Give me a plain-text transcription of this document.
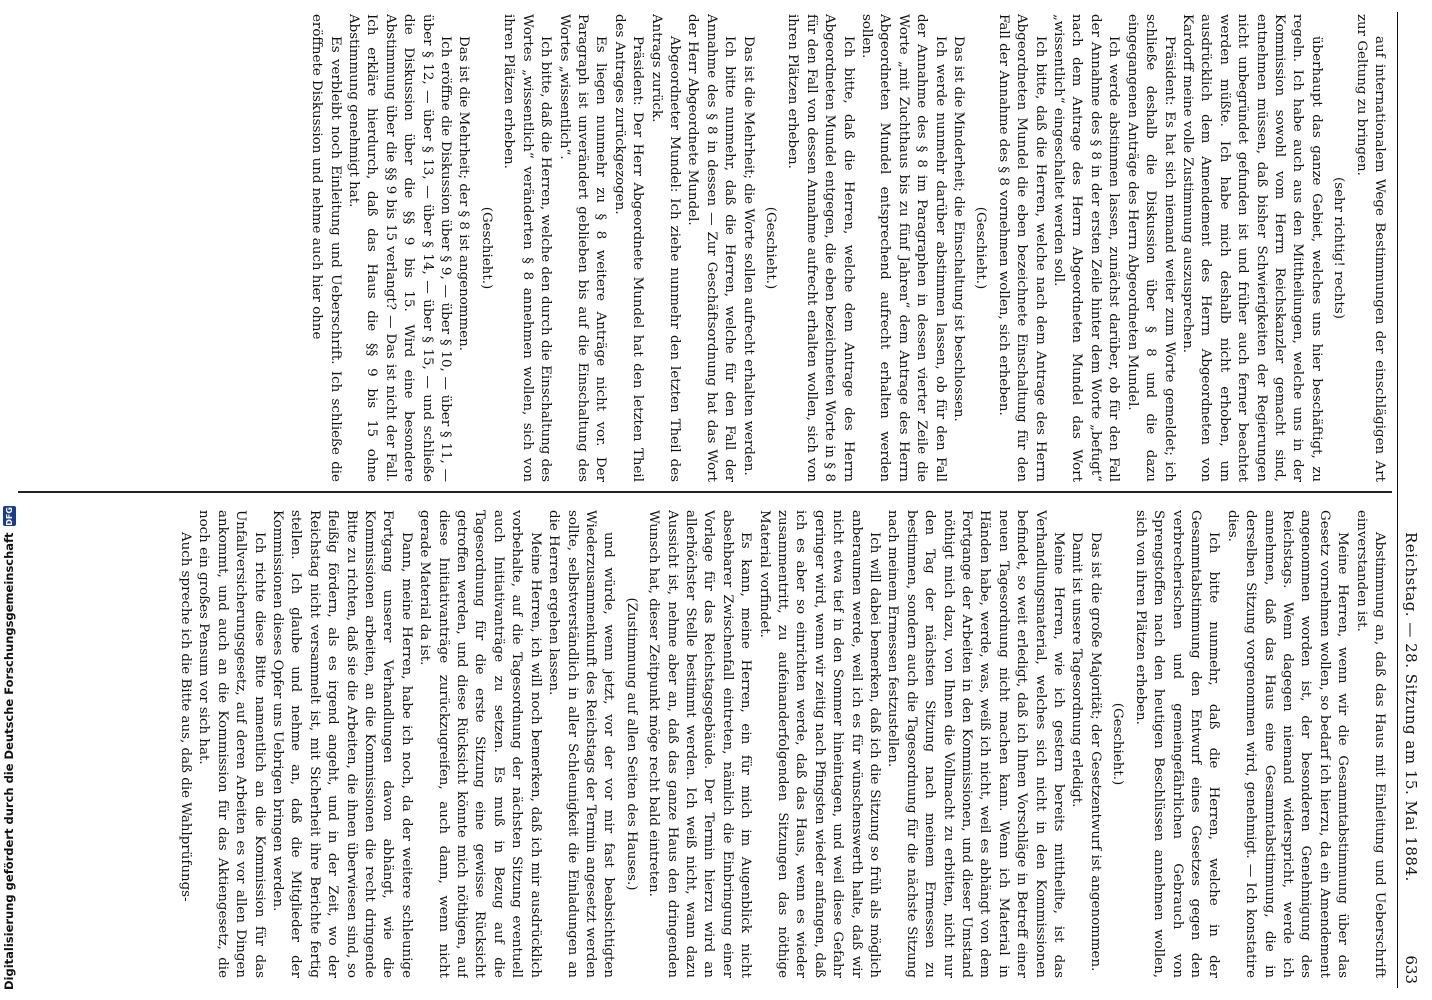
Reichstag. — 28. Sitzung am 15. Mai 1884.
633

auf internationalem Wege Bestimmungen der einschlägigen Art zur Geltung zu bringen.

(sehr richtig! rechts)

überhaupt das ganze Gebiet, welches uns hier beschäftigt, zu regeln. Ich habe auch aus den Mittheilungen, welche uns in der Kommission sowohl vom Herrn Reichskanzler gemacht sind, entnehmen müssen, daß bisher Schwierigkeiten der Regierungen nicht unbegründet gefunden ist und früher auch ferner beachtet werden müßte. Ich habe mich deshalb nicht erhoben, um ausdrücklich dem Amendement des Herrn Abgeordneten von Kardorff meine volle Zustimmung auszusprechen.

Präsident: Es hat sich niemand weiter zum Worte gemeldet; ich schließe deshalb die Diskussion über § 8 und die dazu eingegangenen Anträge des Herrn Abgeordneten Mundel.

Ich werde abstimmen lassen, zunächst darüber, ob für den Fall der Annahme des § 8 in der ersten Zeile hinter dem Worte „befugt“ nach dem Antrage des Herrn Abgeordneten Mundel das Wort „wissentlich“ eingeschaltet werden soll.

Ich bitte, daß die Herren, welche nach dem Antrage des Herrn Abgeordneten Mundel die eben bezeichnete Einschaltung für den Fall der Annahme des § 8 vornehmen wollen, sich erheben.

(Geschieht.)

Das ist die Minderheit; die Einschaltung ist beschlossen.

Ich werde nunmehr darüber abstimmen lassen, ob für den Fall der Annahme des § 8 im Paragraphen in dessen vierter Zeile die Worte „mit Zuchthaus bis zu fünf Jahren“ dem Antrage des Herrn Abgeordneten Mundel entsprechend aufrecht erhalten werden sollen.

Ich bitte, daß die Herren, welche dem Antrage des Herrn Abgeordneten Mundel entgegen, die eben bezeichneten Worte in § 8 für den Fall von dessen Annahme aufrecht erhalten wollen, sich von ihren Plätzen erheben.

(Geschieht.)

Das ist die Mehrheit; die Worte sollen aufrecht erhalten werden.

Ich bitte nunmehr, daß die Herren, welche für den Fall der Annahme des § 8 in dessen — Zur Geschäftsordnung hat das Wort der Herr Abgeordnete Mundel.

Abgeordneter Mundel: Ich ziehe nunmehr den letzten Theil des Antrags zurück.

Präsident: Der Herr Abgeordnete Mundel hat den letzten Theil des Antrages zurückgezogen.

Es liegen nunmehr zu § 8 weitere Anträge nicht vor. Der Paragraph ist unverändert geblieben bis auf die Einschaltung des Wortes „wissentlich“.

Ich bitte, daß die Herren, welche den durch die Einschaltung des Wortes „wissentlich“ veränderten § 8 annehmen wollen, sich von ihren Plätzen erheben.

(Geschieht.)

Das ist die Mehrheit; der § 8 ist angenommen.

Ich eröffne die Diskussion über § 9, — über § 10, — über § 11, — über § 12, — über § 13, — über § 14, — über § 15, — und schließe die Diskussion über die §§ 9 bis 15. Wird eine besondere Abstimmung über die §§ 9 bis 15 verlangt? — Das ist nicht der Fall. Ich erkläre hierdurch, daß das Haus die §§ 9 bis 15 ohne Abstimmung genehmigt hat.

Es verbleibt noch Einleitung und Ueberschrift. Ich schließe die eröffnete Diskussion und nehme auch hier ohne

Abstimmung an, daß das Haus mit Einleitung und Ueberschrift einverstanden ist.

Meine Herren, wenn wir die Gesammtabstimmung über das Gesetz vornehmen wollen, so bedarf ich hierzu, da ein Amendement angenommen worden ist, der besonderen Genehmigung des Reichstags. Wenn dagegen niemand widerspricht, werde ich annehmen, daß das Haus eine Gesammtabstimmung, die in derselben Sitzung vorgenommen wird, genehmigt. — Ich konstatire dies.

Ich bitte nunmehr, daß die Herren, welche in der Gesammtabstimmung den Entwurf eines Gesetzes gegen den verbrecherischen und gemeingefährlichen Gebrauch von Sprengstoffen nach den heutigen Beschlüssen annehmen wollen, sich von ihren Plätzen erheben.

(Geschieht.)

Das ist die große Majorität; der Gesetzentwurf ist angenommen.

Damit ist unsere Tagesordnung erledigt.

Meine Herren, wie ich gestern bereits mittheilte, ist das Verhandlungsmaterial, welches sich nicht in den Kommissionen befindet, so weit erledigt, daß ich Ihnen Vorschläge in Betreff einer neuen Tagesordnung nicht machen kann. Wenn ich Material in Händen habe, werde, was, weiß ich nicht, weil es abhängt von dem Fortgange der Arbeiten in den Kommissionen, und dieser Umstand nöthigt mich dazu, von Ihnen die Vollmacht zu erbitten, nicht nur den Tag der nächsten Sitzung nach meinem Ermessen zu bestimmen, sondern auch die Tagesordnung für die nächste Sitzung nach meinem Ermessen festzustellen.

Ich will dabei bemerken, daß ich die Sitzung so früh als möglich anberaumen werde, weil ich es für wünschenswerth halte, daß wir nicht etwa tief in den Sommer hineintagen, und weil diese Gefahr geringer wird, wenn wir zeitig nach Pfingsten wieder anfangen, daß ich es aber so einrichten werde, daß das Haus, wenn es wieder zusammentritt, zu aufeinanderfolgenden Sitzungen das nöthige Material vorfindet.

Es kann, meine Herren, ein für mich im Augenblick nicht absehbarer Zwischenfall eintreten, nämlich die Einbringung einer Vorlage für das Reichstagsgebäude. Der Termin hierzu wird an allerhöchster Stelle bestimmt werden. Ich weiß nicht, wann dazu Aussicht ist, nehme aber an, daß das ganze Haus den dringenden Wunsch hat, dieser Zeitpunkt möge recht bald eintreten.

(Zustimmung auf allen Seiten des Hauses.)

und würde, wenn jetzt, vor der vor mir fast beabsichtigten Wiederzusammenkunft des Reichstags der Termin angesetzt werden sollte, selbstverständlich in aller Schleunigkeit die Einladungen an die Herren ergehen lassen.

Meine Herren, ich will noch bemerken, daß ich mir ausdrücklich vorbehalte, auf die Tagesordnung der nächsten Sitzung eventuell auch Initiativanträge zu setzen. Es muß in Bezug auf die Tagesordnung für die erste Sitzung eine gewisse Rücksicht getroffen werden, und diese Rücksicht könnte mich nöthigen, auf diese Initiativanträge zurückzugreifen, auch dann, wenn nicht gerade Material da ist.

Dann, meine Herren, habe ich noch, da der weitere schleunige Fortgang unserer Verhandlungen davon abhängt, wie die Kommissionen arbeiten, an die Kommissionen die recht dringende Bitte zu richten, daß sie die Arbeiten, die ihnen überwiesen sind, so fleißig fördern, als es irgend angeht, und in der Zeit, wo der Reichstag nicht versammelt ist, mit Sicherheit ihre Berichte fertig stellen. Ich glaube und nehme an, daß die Mitglieder der Kommissionen dieses Opfer uns Uebrigen bringen werden.

Ich richte diese Bitte namentlich an die Kommission für das Unfallversicherungsgesetz, auf deren Arbeiten es vor allen Dingen ankommt, und auch an die Kommission für das Aktiengesetz, die noch ein großes Pensum vor sich hat.

Auch spreche ich die Bitte aus, daß die Wahlprüfungs-

Digitalisierung gefördert durch die Deutsche ForschungsgemeinschaftDFG
